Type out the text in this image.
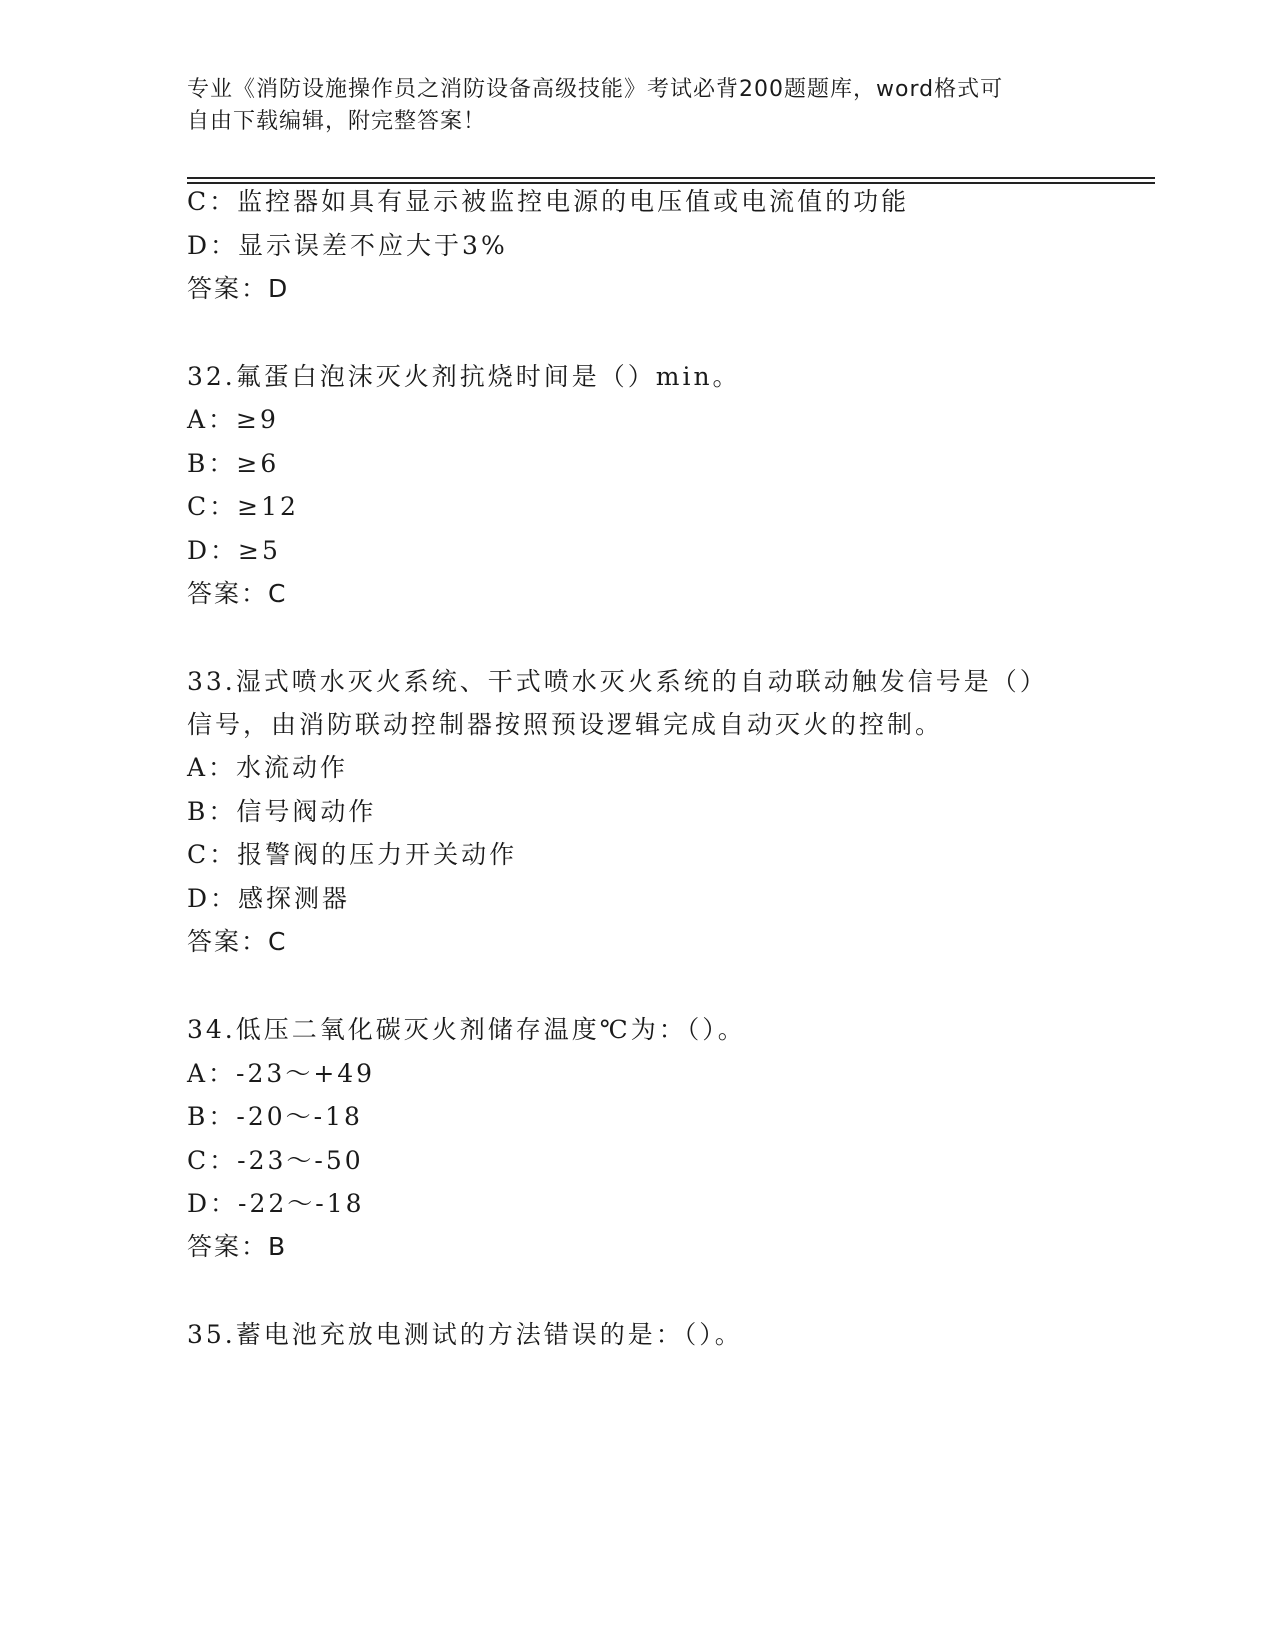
专业《消防设施操作员之消防设备高级技能》考试必背200题题库，word格式可
自由下载编辑，附完整答案！
C：监控器如具有显示被监控电源的电压值或电流值的功能
D：显示误差不应大于3%
答案：D
32.氟蛋白泡沫灭火剂抗烧时间是（）min。
A：≥9
B：≥6
C：≥12
D：≥5
答案：C
33.湿式喷水灭火系统、干式喷水灭火系统的自动联动触发信号是（）
信号，由消防联动控制器按照预设逻辑完成自动灭火的控制。
A：水流动作
B：信号阀动作
C：报警阀的压力开关动作
D：感探测器
答案：C
34.低压二氧化碳灭火剂储存温度℃为：（）。
A：-23～+49
B：-20～-18
C：-23～-50
D：-22～-18
答案：B
35.蓄电池充放电测试的方法错误的是：（）。
